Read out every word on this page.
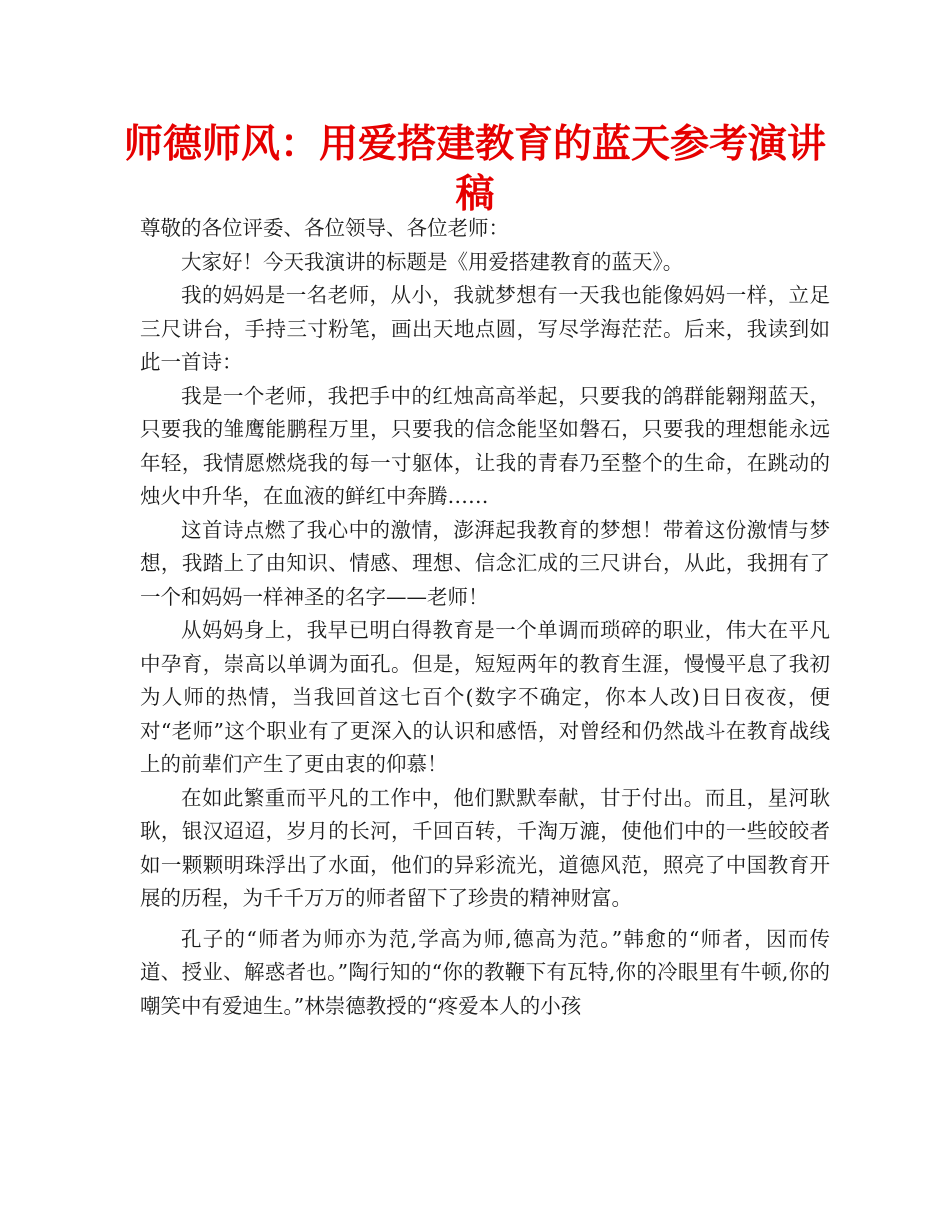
师德师风：用爱搭建教育的蓝天参考演讲稿

尊敬的各位评委、各位领导、各位老师：

大家好！今天我演讲的标题是《用爱搭建教育的蓝天》。

我的妈妈是一名老师，从小，我就梦想有一天我也能像妈妈一样，立足三尺讲台，手持三寸粉笔，画出天地点圆，写尽学海茫茫。后来，我读到如此一首诗：

我是一个老师，我把手中的红烛高高举起，只要我的鸽群能翱翔蓝天，只要我的雏鹰能鹏程万里，只要我的信念能坚如磐石，只要我的理想能永远年轻，我情愿燃烧我的每一寸躯体，让我的青春乃至整个的生命，在跳动的烛火中升华，在血液的鲜红中奔腾……

这首诗点燃了我心中的激情，澎湃起我教育的梦想！带着这份激情与梦想，我踏上了由知识、情感、理想、信念汇成的三尺讲台，从此，我拥有了一个和妈妈一样神圣的名字——老师！

从妈妈身上，我早已明白得教育是一个单调而琐碎的职业，伟大在平凡中孕育，崇高以单调为面孔。但是，短短两年的教育生涯，慢慢平息了我初为人师的热情，当我回首这七百个(数字不确定，你本人改)日日夜夜，便对“老师”这个职业有了更深入的认识和感悟，对曾经和仍然战斗在教育战线上的前辈们产生了更由衷的仰慕！

在如此繁重而平凡的工作中，他们默默奉献，甘于付出。而且，星河耿耿，银汉迢迢，岁月的长河，千回百转，千淘万漉，使他们中的一些皎皎者如一颗颗明珠浮出了水面，他们的异彩流光，道德风范，照亮了中国教育开展的历程，为千千万万的师者留下了珍贵的精神财富。

孔子的“师者为师亦为范,学高为师,德高为范。”韩愈的“师者，因而传道、授业、解惑者也。”陶行知的“你的教鞭下有瓦特,你的冷眼里有牛顿,你的嘲笑中有爱迪生。”林崇德教授的“疼爱本人的小孩
